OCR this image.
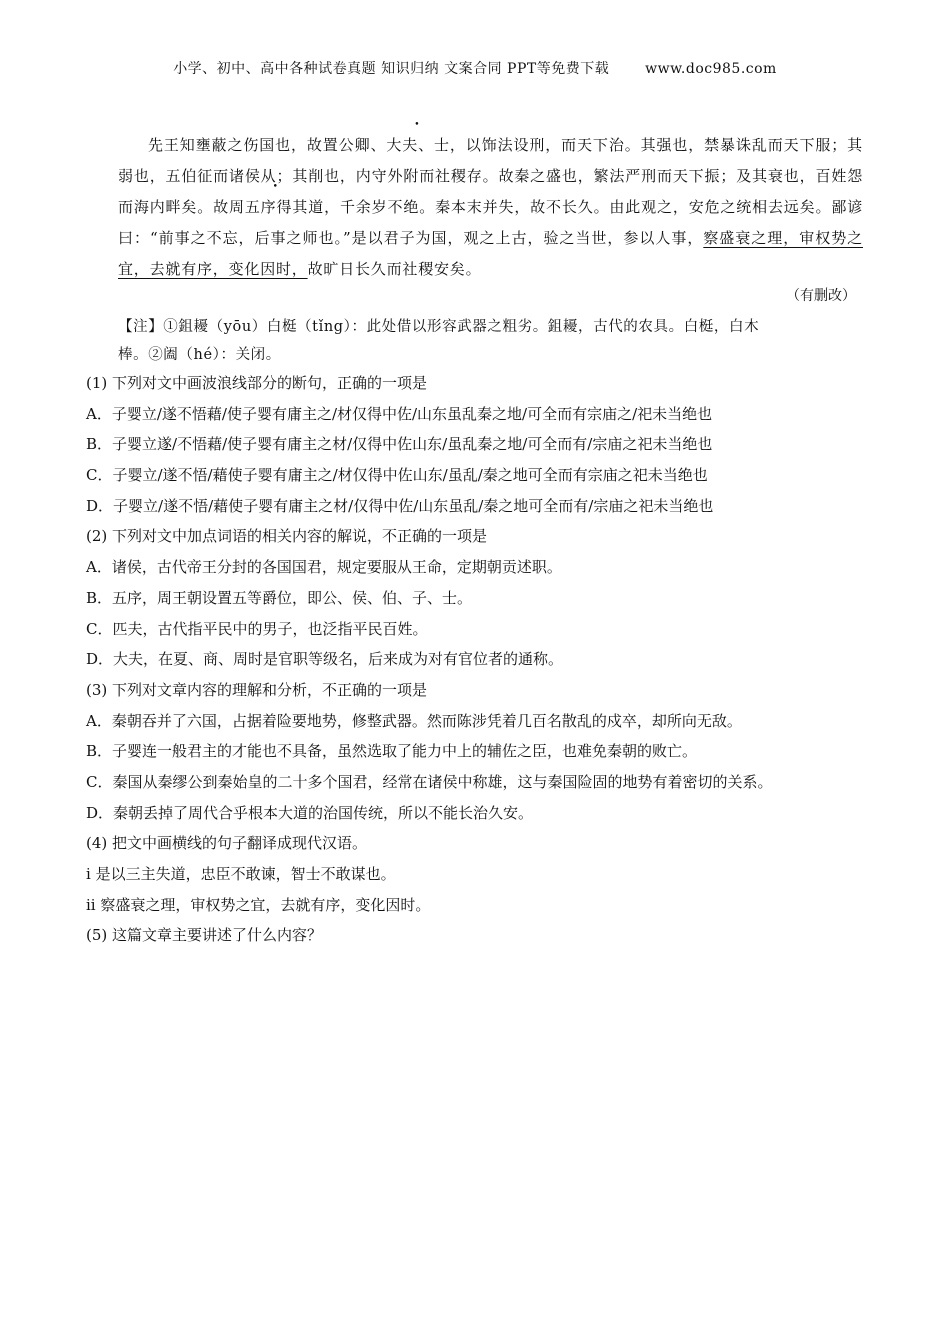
小学、初中、高中各种试卷真题 知识归纳 文案合同 PPT等免费下载	www.doc985.com

先王知壅蔽之伤国也，故置公卿、大夫、士，以饰法设刑，而天下治。其强也，禁暴诛乱而天下服；其弱也，五伯征而诸侯从；其削也，内守外附而社稷存。故秦之盛也，繁法严刑而天下振；及其衰也，百姓怨而海内畔矣。故周五序得其道，千余岁不绝。秦本末并失，故不长久。由此观之，安危之统相去远矣。鄙谚曰：“前事之不忘，后事之师也。”是以君子为国，观之上古，验之当世，参以人事，察盛衰之理，审权势之宜，去就有序，变化因时，故旷日长久而社稷安矣。

（有删改）

【注】①鉏耰（yōu）白梃（tǐng）：此处借以形容武器之粗劣。鉏耰，古代的农具。白梃，白木

棒。②阖（hé）：关闭。

(1) 下列对文中画波浪线部分的断句，正确的一项是
A．子婴立/遂不悟藉/使子婴有庸主之/材仅得中佐/山东虽乱秦之地/可全而有宗庙之/祀未当绝也
B．子婴立遂/不悟藉/使子婴有庸主之材/仅得中佐山东/虽乱秦之地/可全而有/宗庙之祀未当绝也
C．子婴立/遂不悟/藉使子婴有庸主之/材仅得中佐山东/虽乱/秦之地可全而有宗庙之祀未当绝也
D．子婴立/遂不悟/藉使子婴有庸主之材/仅得中佐/山东虽乱/秦之地可全而有/宗庙之祀未当绝也
(2) 下列对文中加点词语的相关内容的解说，不正确的一项是
A．诸侯，古代帝王分封的各国国君，规定要服从王命，定期朝贡述职。
B．五序，周王朝设置五等爵位，即公、侯、伯、子、士。
C．匹夫，古代指平民中的男子，也泛指平民百姓。
D．大夫，在夏、商、周时是官职等级名，后来成为对有官位者的通称。
(3) 下列对文章内容的理解和分析，不正确的一项是
A．秦朝吞并了六国，占据着险要地势，修整武器。然而陈涉凭着几百名散乱的戍卒，却所向无敌。
B．子婴连一般君主的才能也不具备，虽然选取了能力中上的辅佐之臣，也难免秦朝的败亡。
C．秦国从秦缪公到秦始皇的二十多个国君，经常在诸侯中称雄，这与秦国险固的地势有着密切的关系。
D．秦朝丢掉了周代合乎根本大道的治国传统，所以不能长治久安。
(4) 把文中画横线的句子翻译成现代汉语。
i 是以三主失道，忠臣不敢谏，智士不敢谋也。
ii 察盛衰之理，审权势之宜，去就有序，变化因时。
(5) 这篇文章主要讲述了什么内容？
